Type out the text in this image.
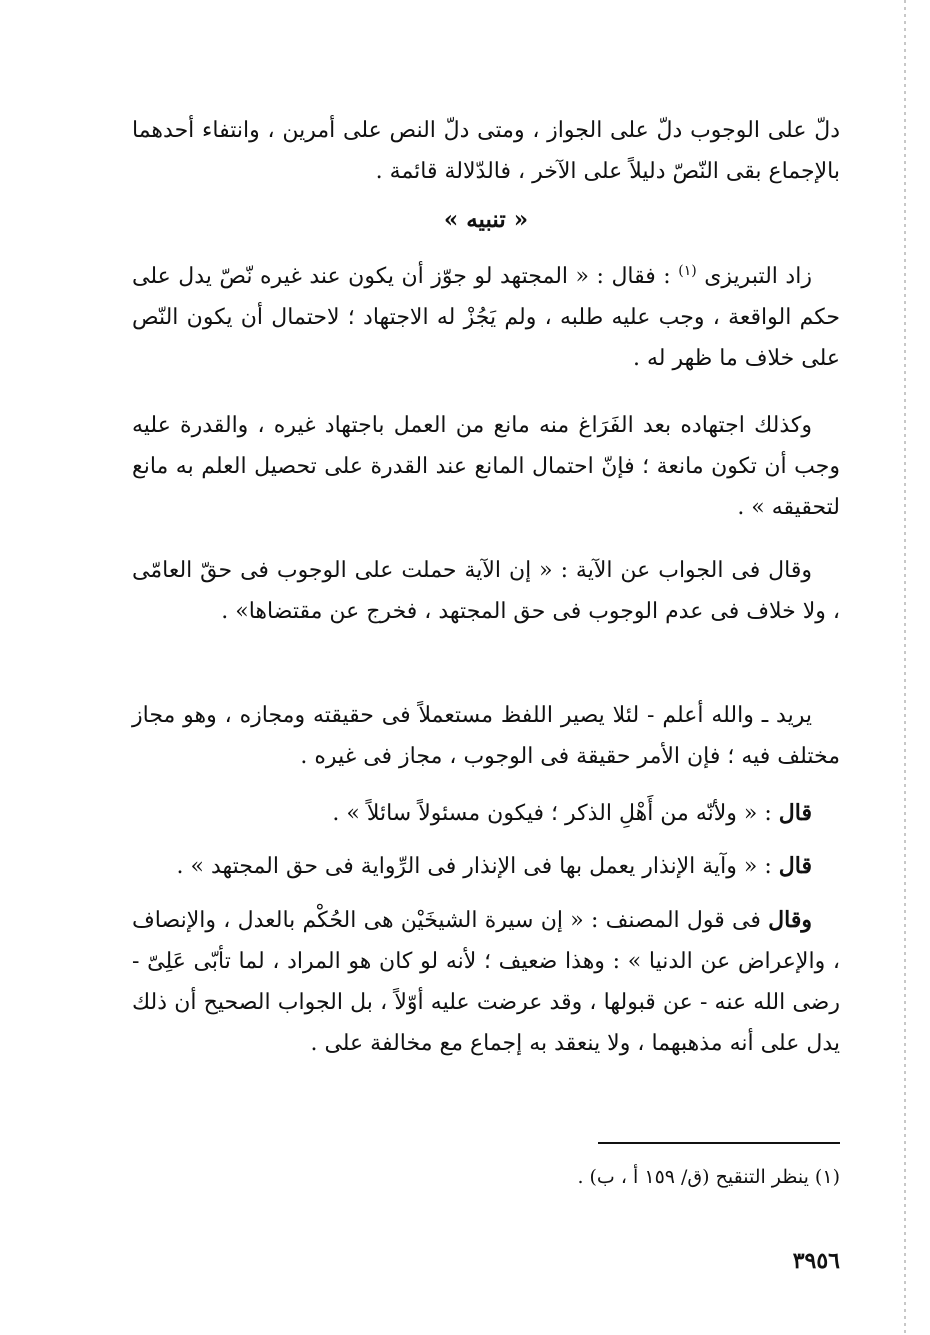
دلّ على الوجوب دلّ على الجواز ، ومتى دلّ النص على أمرين ، وانتفاء أحدهما بالإجماع بقى النّصّ دليلاً على الآخر ، فالدّلالة قائمة .

« تنبيه »

زاد التبريزى $^{(١)}$ : فقال : « المجتهد لو جوّز أن يكون عند غيره نّصّ يدل على حكم الواقعة ، وجب عليه طلبه ، ولم يَجُزْ له الاجتهاد ؛ لاحتمال أن يكون النّص على خلاف ما ظهر له .

وكذلك اجتهاده بعد الفَرَاغ منه مانع من العمل باجتهاد غيره ، والقدرة عليه وجب أن تكون مانعة ؛ فإنّ احتمال المانع عند القدرة على تحصيل العلم به مانع لتحقيقه » .

وقال فى الجواب عن الآية : « إن الآية حملت على الوجوب فى حقّ العامّى ، ولا خلاف فى عدم الوجوب فى حق المجتهد ، فخرج عن مقتضاها» .

يريد ـ والله أعلم - لئلا يصير اللفظ مستعملاً فى حقيقته ومجازه ، وهو مجاز مختلف فيه ؛ فإن الأمر حقيقة فى الوجوب ، مجاز فى غيره .

قال : « ولأنّه من أَهْلِ الذكر ؛ فيكون مسئولاً سائلاً » .

قال : « وآية الإنذار يعمل بها فى الإنذار فى الرِّواية فى حق المجتهد » .

وقال فى قول المصنف : « إن سيرة الشيخَيْن هى الحُكْم بالعدل ، والإنصاف ، والإعراض عن الدنيا » : وهذا ضعيف ؛ لأنه لو كان هو المراد ، لما تأبّى عَلِىّ - رضى الله عنه - عن قبولها ، وقد عرضت عليه أوّلاً ، بل الجواب الصحيح أن ذلك يدل على أنه مذهبهما ، ولا ينعقد به إجماع مع مخالفة على .

(١) ينظر التنقيح (ق/ ١٥٩ أ ، ب) .

٣٩٥٦
